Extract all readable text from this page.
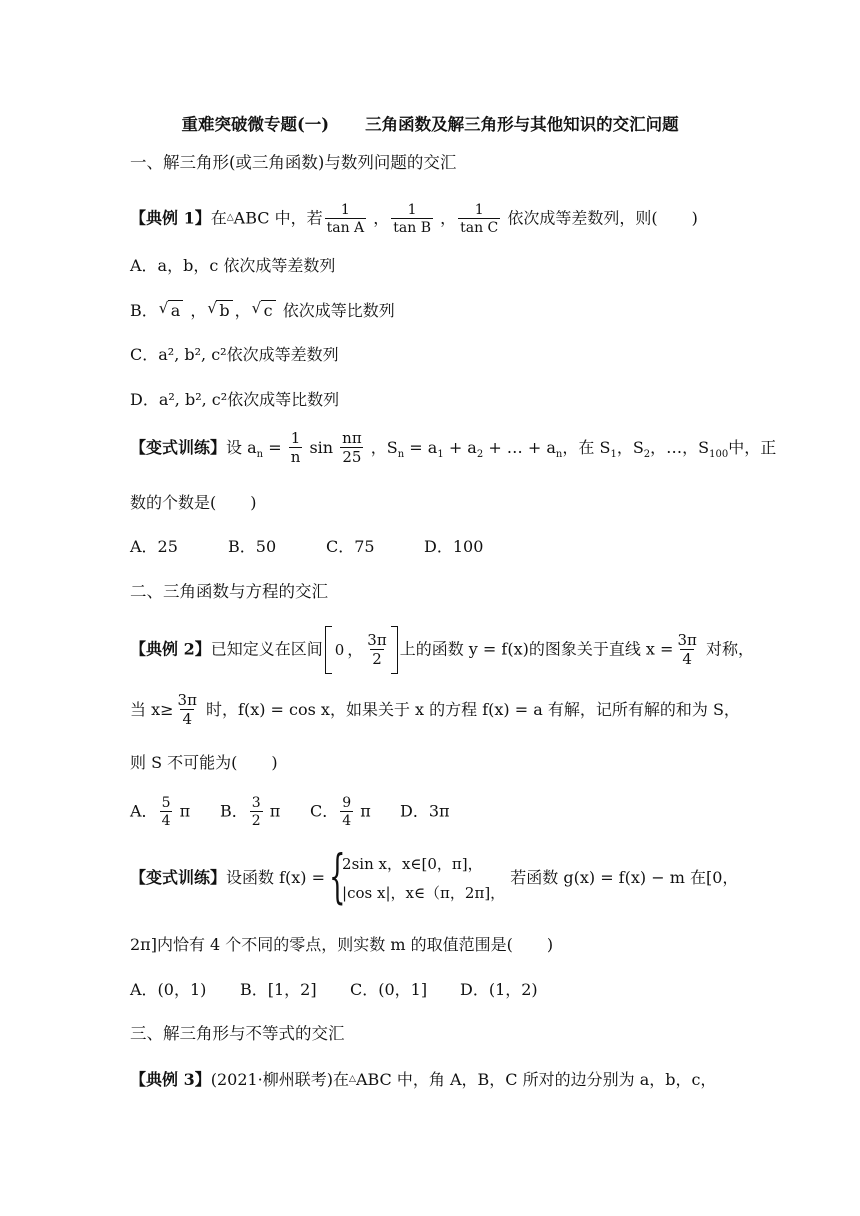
重难突破微专题(一) 三角函数及解三角形与其他知识的交汇问题
一、解三角形(或三角函数)与数列问题的交汇
【典例 1】在△ABC 中，若 $\frac{1}{\text{tan A}}$ ， $\frac{1}{\text{tan B}}$ ， $\frac{1}{\text{tan C}}$ 依次成等差数列，则( )
A．a，b，c 依次成等差数列
B． √ a ， √ b ， √ c 依次成等比数列
C．a², b², c²依次成等差数列
D．a², b², c²依次成等比数列
【变式训练】设 $a_n = \frac{1}{n}$ $\sin \frac{n\pi}{25}$ ，$S_n = a_1 + a_2$ + … + $a_n$，在 $S_1$，$S_2$，…，$S_{100}$中，正
数的个数是( )
A．25	B．50	C．75	D．100
二、三角函数与方程的交汇
【典例 2】已知定义在区间 0 ， $\frac{3\pi}{2}$ 上的函数 y = f(x)的图象关于直线 $x = \frac{3\pi}{4}$ 对称，
当 $x\ge \frac{3\pi}{4}$ 时，f(x) = cos x，如果关于 x 的方程 f(x) = a 有解，记所有解的和为 S，
则 S 不可能为( )
A． $\frac{5}{4}$ π B． $\frac{3}{2}$ π C． $\frac{9}{4}$ π D．3π
【变式训练】设函数 f(x) = {
2sin x，x∈[0，π]，
|cos x|，x∈（π，2π]，
若函数 g(x) = f(x) − m 在[0，
2π]内恰有 4 个不同的零点，则实数 m 的取值范围是( )
A．(0，1) B．[1，2] C．(0，1] D．(1，2)
三、解三角形与不等式的交汇
【典例 3】(2021·柳州联考)在△ABC 中，角 A，B，C 所对的边分别为 a，b，c，
